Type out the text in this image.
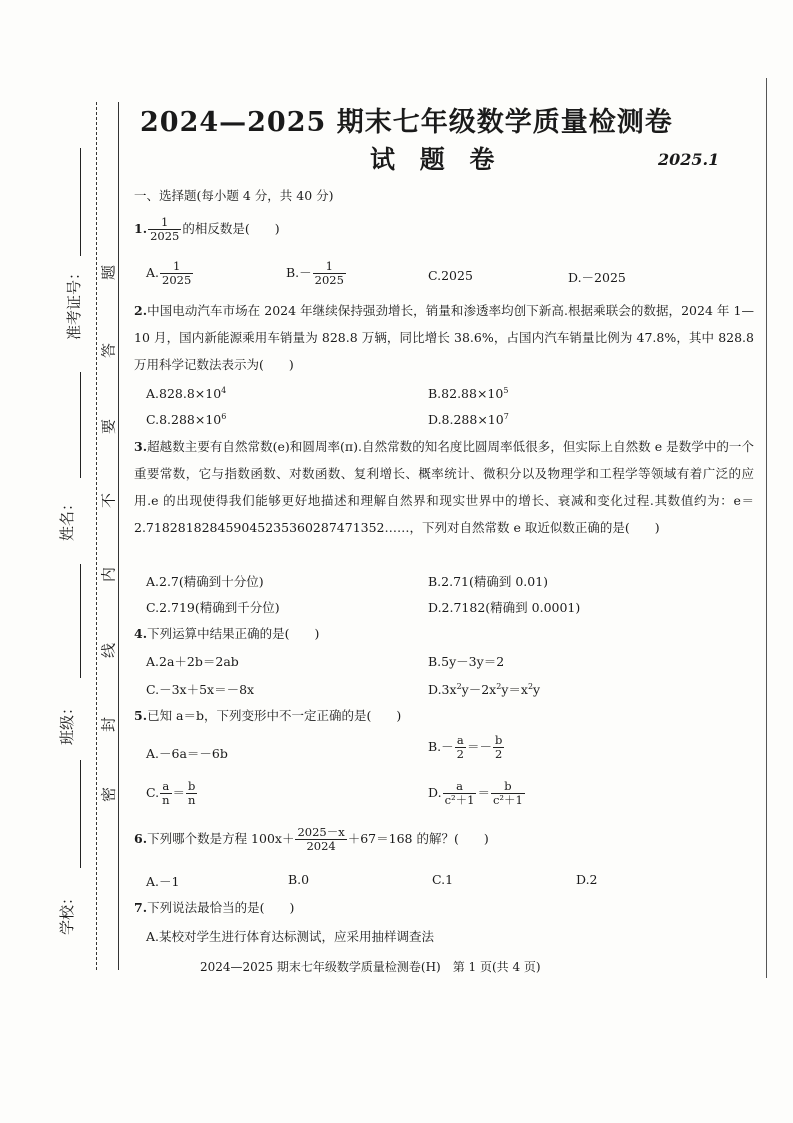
题
答
要
不
内
线
封
密
准考证号：
姓名：
班级：
学校：
2024—2025 期末七年级数学质量检测卷
试 题 卷	2025.1
一、选择题(每小题 4 分，共 40 分)
1. $\frac{1}{2025}$ 的相反数是(　　)
A. $\frac{1}{2025}$	$B.- \frac{1}{2025}$	C.2025	D.－2025
2.中国电动汽车市场在 2024 年继续保持强劲增长，销量和渗透率均创下新高.根据乘联会的数据，2024 年 1—10 月，国内新能源乘用车销量为 828.8 万辆，同比增长 38.6%，占国内汽车销量比例为 47.8%，其中 828.8 万用科学记数法表示为(　　)
$A.828.8\times 10^4$	$B.82.88\times 10^5$
$C.8.288\times 10^6$	$D.8.288\times 10^7$
3.超越数主要有自然常数(e)和圆周率(π).自然常数的知名度比圆周率低很多，但实际上自然数 e 是数学中的一个重要常数，它与指数函数、对数函数、复利增长、概率统计、微积分以及物理学和工程学等领域有着广泛的应用.e 的出现使得我们能够更好地描述和理解自然界和现实世界中的增长、衰减和变化过程.其数值约为：e＝2.718281828459045235360287471352……，下列对自然常数 e 取近似数正确的是(　　)
A.2.7(精确到十分位)	B.2.71(精确到 0.01)
C.2.719(精确到千分位)	D.2.7182(精确到 0.0001)
4.下列运算中结果正确的是(　　)
A.2a＋2b＝2ab	B.5y－3y＝2
C.－3x＋5x＝－8x	$D.3x^2y-2x^2y=x^2y$
5.已知 a＝b，下列变形中不一定正确的是(　　)
A.－6a＝－6b	$B.- \frac{a}{2} =- \frac{b}{2}$
C. $\frac{a}{n} = \frac{b}{n}$	D. $\frac{a}{\text{c²＋1}} = \frac{b}{\text{c²＋1}}$
6.下列哪个数是方程 $100x+ \frac{2025-x}{2024} +67=168$ 的解？(　　)
A.－1	B.0	C.1	D.2
7.下列说法最恰当的是(　　)
A.某校对学生进行体育达标测试，应采用抽样调查法
2024—2025 期末七年级数学质量检测卷(H)　第 1 页(共 4 页)
